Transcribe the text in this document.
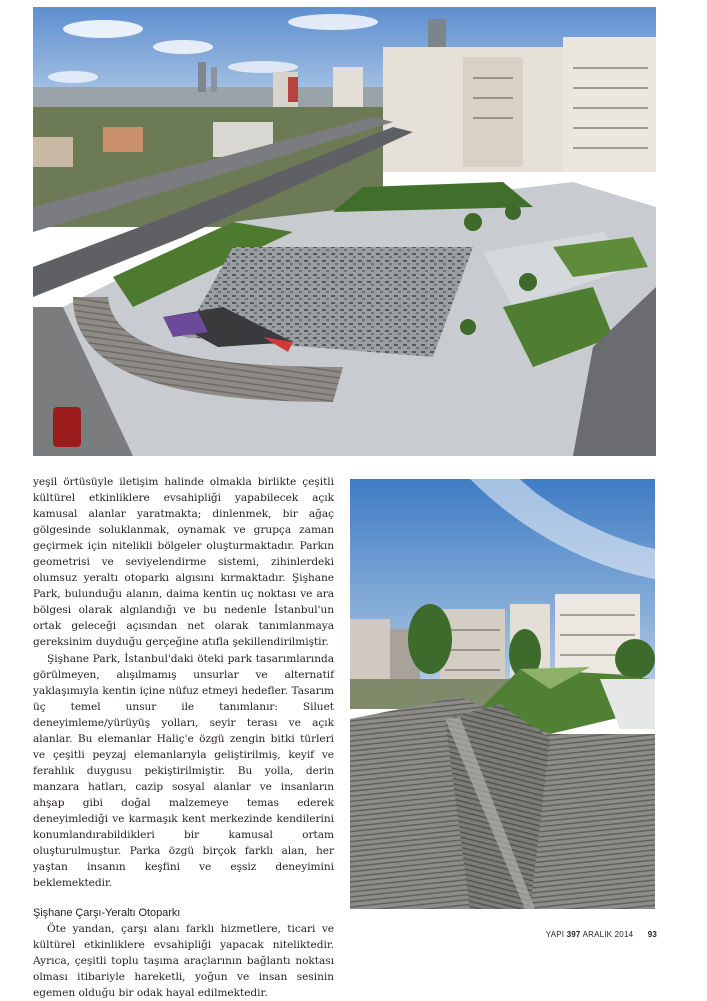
yeşil örtüsüyle iletişim halinde olmakla birlikte çeşitli kültürel etkinliklere evsahipliği yapabilecek açık kamusal alanlar yaratmakta; dinlenmek, bir ağaç gölgesinde soluklanmak, oynamak ve grupça zaman geçirmek için nitelikli bölgeler oluşturmaktadır. Parkın geometrisi ve seviyelendirme sistemi, zihinlerdeki olumsuz yeraltı otoparkı algısını kırmaktadır. Şişhane Park, bulunduğu alanın, daima kentin uç noktası ve ara bölgesi olarak algılandığı ve bu nedenle İstanbul'un ortak geleceği açısından net olarak tanımlanmaya gereksinim duyduğu gerçeğine atıfla şekillendirilmiştir.

Şişhane Park, İstanbul'daki öteki park tasarımlarında görülmeyen, alışılmamış unsurlar ve alternatif yaklaşımıyla kentin içine nüfuz etmeyi hedefler. Tasarım üç temel unsur ile tanımlanır: Siluet deneyimleme/yürüyüş yolları, seyir terası ve açık alanlar. Bu elemanlar Haliç'e özgü zengin bitki türleri ve çeşitli peyzaj elemanlarıyla geliştirilmiş, keyif ve ferahlık duygusu pekiştirilmiştir. Bu yolla, derin manzara hatları, cazip sosyal alanlar ve insanların ahşap gibi doğal malzemeye temas ederek deneyimlediği ve karmaşık kent merkezinde kendilerini konumlandırabildikleri bir kamusal ortam oluşturulmuştur. Parka özgü birçok farklı alan, her yaştan insanın keşfini ve eşsiz deneyimini beklemektedir.

Şişhane Çarşı-Yeraltı Otoparkı

Öte yandan, çarşı alanı farklı hizmetlere, ticari ve kültürel etkinliklere evsahipliği yapacak niteliktedir. Ayrıca, çeşitli toplu taşıma araçlarının bağlantı noktası olması itibariyle hareketli, yoğun ve insan sesinin egemen olduğu bir odak hayal edilmektedir.

YAPI 397 ARALIK 2014 93
